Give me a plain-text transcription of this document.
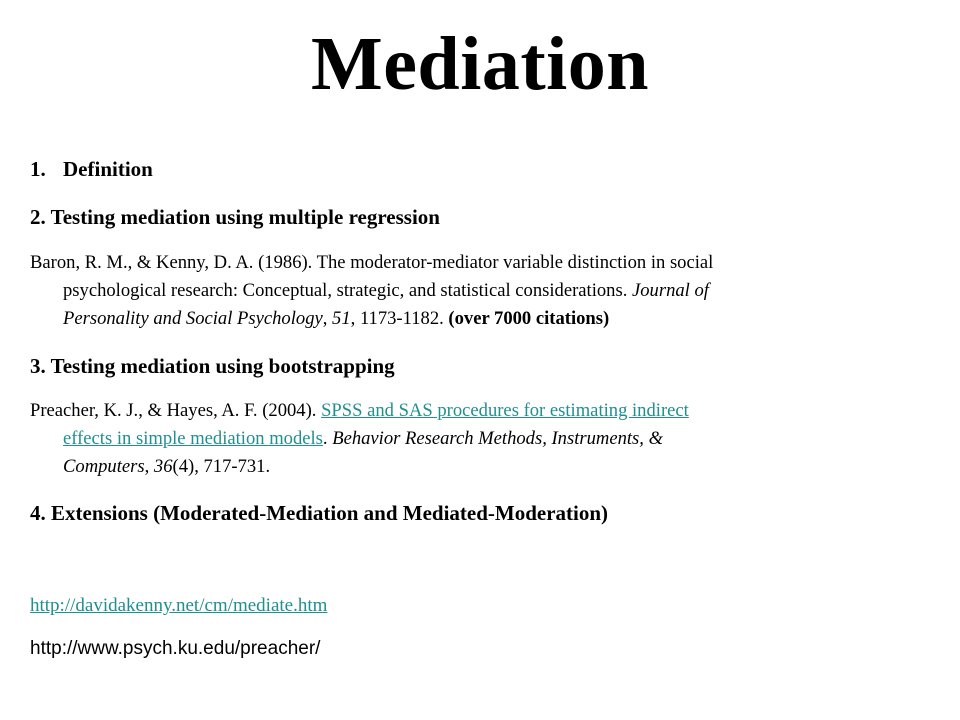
Mediation

1. Definition

2. Testing mediation using multiple regression

Baron, R. M., & Kenny, D. A. (1986). The moderator-mediator variable distinction in social
psychological research: Conceptual, strategic, and statistical considerations. Journal of
Personality and Social Psychology, 51, 1173-1182. (over 7000 citations)

3. Testing mediation using bootstrapping

Preacher, K. J., & Hayes, A. F. (2004). SPSS and SAS procedures for estimating indirect
effects in simple mediation models. Behavior Research Methods, Instruments, &
Computers, 36(4), 717-731.

4. Extensions (Moderated-Mediation and Mediated-Moderation)

http://davidakenny.net/cm/mediate.htm

http://www.psych.ku.edu/preacher/
